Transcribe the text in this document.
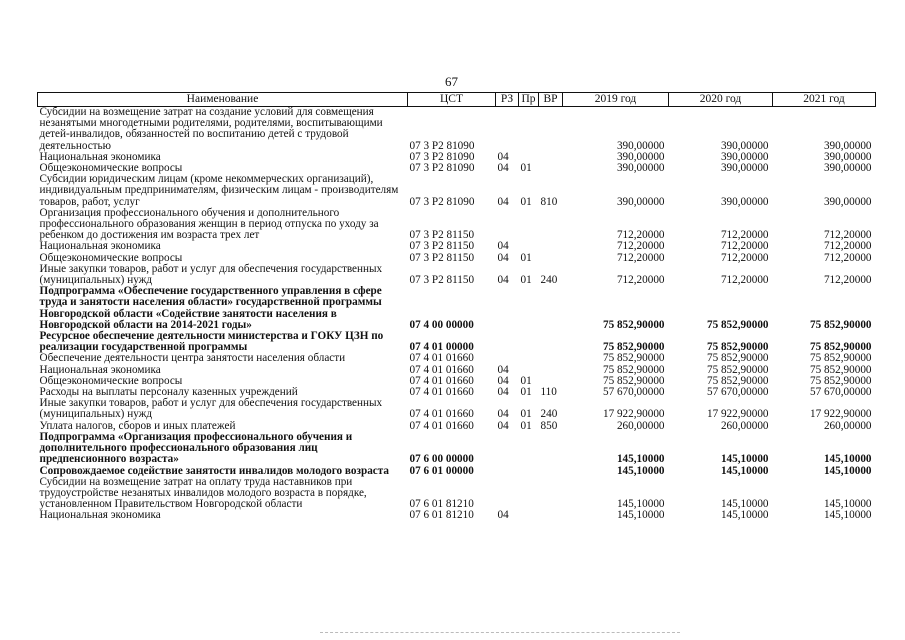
67
Наименование	ЦСТ	РЗ	Пр	ВР	2019 год	2020 год	2021 год
Субсидии на возмещение затрат на создание условий для совмещения незанятыми многодетными родителями, родителями, воспитывающими детей-инвалидов, обязанностей по воспитанию детей с трудовой деятельностью	07 3 Р2 81090				390,00000	390,00000	390,00000
Национальная экономика	07 3 Р2 81090	04			390,00000	390,00000	390,00000
Общеэкономические вопросы	07 3 Р2 81090	04	01		390,00000	390,00000	390,00000
Субсидии юридическим лицам (кроме некоммерческих организаций), индивидуальным предпринимателям, физическим лицам - производителям товаров, работ, услуг	07 3 Р2 81090	04	01	810	390,00000	390,00000	390,00000
Организация профессионального обучения и дополнительного профессионального образования женщин в период отпуска по уходу за ребенком до достижения им возраста трех лет	07 3 Р2 81150				712,20000	712,20000	712,20000
Национальная экономика	07 3 Р2 81150	04			712,20000	712,20000	712,20000
Общеэкономические вопросы	07 3 Р2 81150	04	01		712,20000	712,20000	712,20000
Иные закупки товаров, работ и услуг для обеспечения государственных (муниципальных) нужд	07 3 Р2 81150	04	01	240	712,20000	712,20000	712,20000
Подпрограмма «Обеспечение государственного управления в сфере труда и занятости населения области» государственной программы Новгородской области «Содействие занятости населения в Новгородской области на 2014-2021 годы»	07 4 00 00000				75 852,90000	75 852,90000	75 852,90000
Ресурсное обеспечение деятельности министерства и ГОКУ ЦЗН по реализации государственной программы	07 4 01 00000				75 852,90000	75 852,90000	75 852,90000
Обеспечение деятельности центра занятости населения области	07 4 01 01660				75 852,90000	75 852,90000	75 852,90000
Национальная экономика	07 4 01 01660	04			75 852,90000	75 852,90000	75 852,90000
Общеэкономические вопросы	07 4 01 01660	04	01		75 852,90000	75 852,90000	75 852,90000
Расходы на выплаты персоналу казенных учреждений	07 4 01 01660	04	01	110	57 670,00000	57 670,00000	57 670,00000
Иные закупки товаров, работ и услуг для обеспечения государственных (муниципальных) нужд	07 4 01 01660	04	01	240	17 922,90000	17 922,90000	17 922,90000
Уплата налогов, сборов и иных платежей	07 4 01 01660	04	01	850	260,00000	260,00000	260,00000
Подпрограмма «Организация профессионального обучения и дополнительного профессионального образования лиц предпенсионного возраста»	07 6 00 00000				145,10000	145,10000	145,10000
Сопровождаемое содействие занятости инвалидов молодого возраста	07 6 01 00000				145,10000	145,10000	145,10000
Субсидии на возмещение затрат на оплату труда наставников при трудоустройстве незанятых инвалидов молодого возраста в порядке, установленном Правительством Новгородской области	07 6 01 81210				145,10000	145,10000	145,10000
Национальная экономика	07 6 01 81210	04			145,10000	145,10000	145,10000
